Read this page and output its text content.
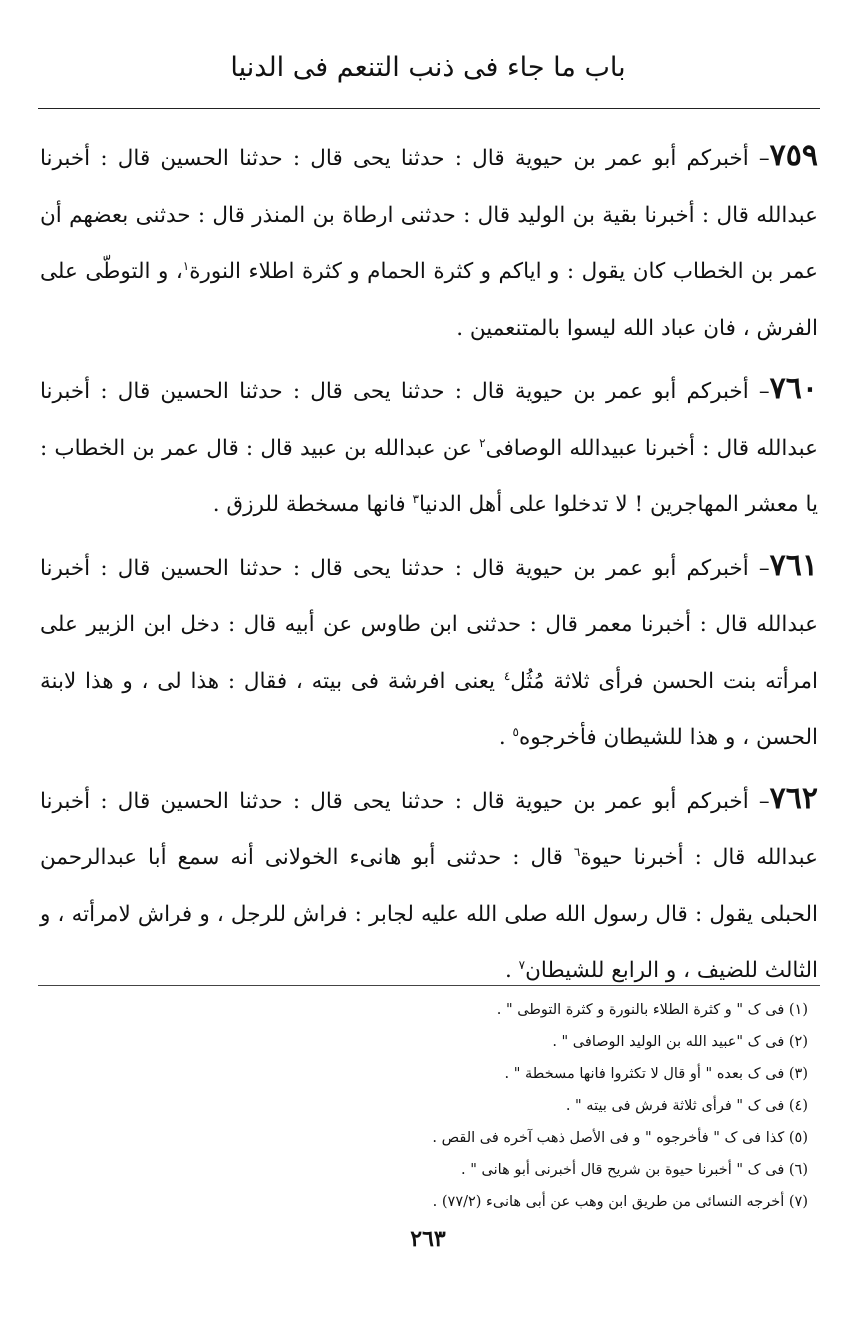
باب ما جاء فی ذنب التنعم فی الدنیا

٧٥٩– أخبرکم أبو عمر بن حیویة قال : حدثنا یحی قال : حدثنا الحسین قال : أخبرنا عبدالله قال : أخبرنا بقیة بن الولید قال : حدثنی ارطاة بن المنذر قال : حدثنی بعضهم أن عمر بن الخطاب کان یقول : و ایاکم و کثرة الحمام و کثرة اطلاء النورة$^١$، و التوطّی علی الفرش ، فان عباد الله لیسوا بالمتنعمین .

٧٦٠– أخبرکم أبو عمر بن حیویة قال : حدثنا یحی قال : حدثنا الحسین قال : أخبرنا عبدالله قال : أخبرنا عبیدالله الوصافی$^٢$ عن عبدالله بن عبید قال : قال عمر بن الخطاب : یا معشر المهاجرین ! لا تدخلوا علی أهل الدنیا$^٣$ فانها مسخطة للرزق .

٧٦١– أخبرکم أبو عمر بن حیویة قال : حدثنا یحی قال : حدثنا الحسین قال : أخبرنا عبدالله قال : أخبرنا معمر قال : حدثنی ابن طاوس عن أبیه قال : دخل ابن الزبیر علی امرأته بنت الحسن فرأی ثلاثة مُثُل$^٤$ یعنی افرشة فی بیته ، فقال : هذا لی ، و هذا لابنة الحسن ، و هذا للشیطان فأخرجوه$^٥$ .

٧٦٢– أخبرکم أبو عمر بن حیویة قال : حدثنا یحی قال : حدثنا الحسین قال : أخبرنا عبدالله قال : أخبرنا حیوة$^٦$ قال : حدثنی أبو هانیء الخولانی أنه سمع أبا عبدالرحمن الحبلی یقول : قال رسول الله صلی الله علیه لجابر : فراش للرجل ، و فراش لامرأته ، و الثالث للضیف ، و الرابع للشیطان$^٧$ .

(١) فی ک " و کثرة الطلاء بالنورة و کثرة التوطی " .
(٢) فی ک "عبید الله بن الولید الوصافی " .
(٣) فی ک بعده " أو قال لا تکثروا فانها مسخطة " .
(٤) فی ک " فرأی ثلاثة فرش فی بیته " .
(٥) کذا فی ک " فأخرجوه " و فی الأصل ذهب آخره فی القص .
(٦) فی ک " أخبرنا حیوة بن شریح قال أخبرنی أبو هانی " .
(٧) أخرجه النسائی من طریق ابن وهب عن أبی هانیء (٧٧/٢) .
٢٦٣
